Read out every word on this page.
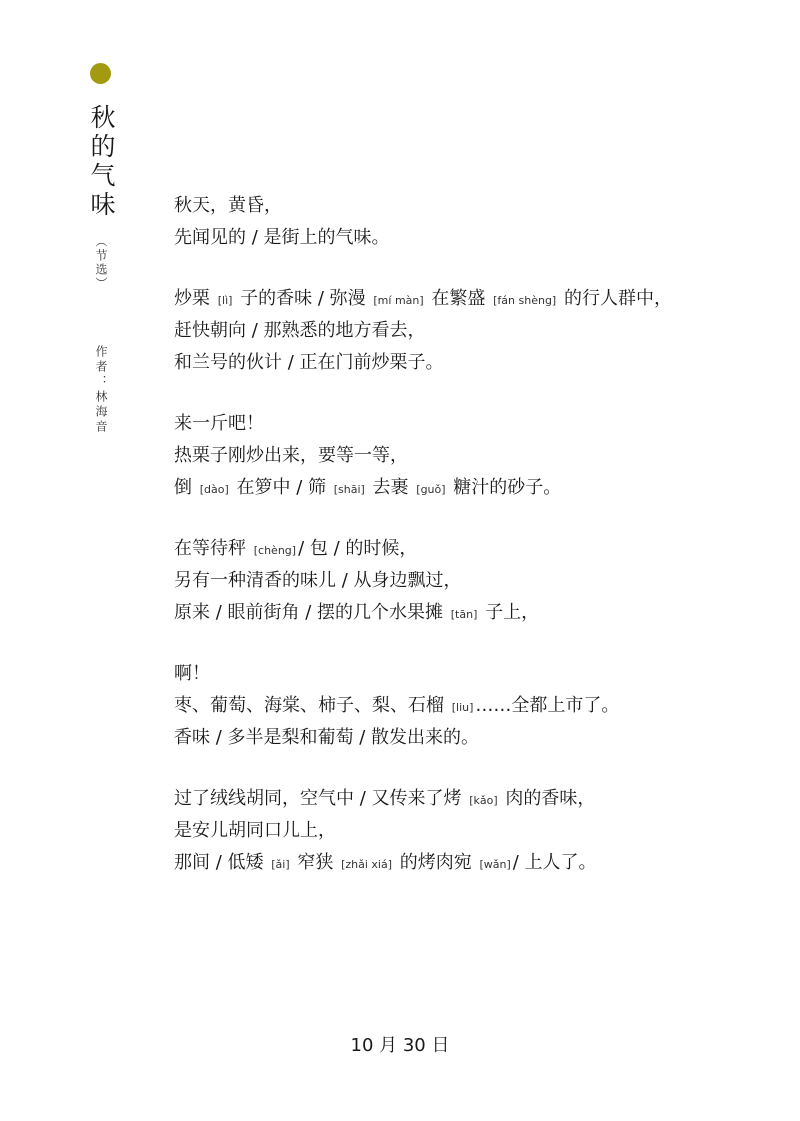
秋的气味
（节选）
作者：林海音
秋天，黄昏，
先闻见的 / 是街上的气味。
炒栗 [lì] 子的香味 / 弥漫 [mí màn] 在繁盛 [fán shèng] 的行人群中，
赶快朝向 / 那熟悉的地方看去，
和兰号的伙计 / 正在门前炒栗子。
来一斤吧！
热栗子刚炒出来，要等一等，
倒 [dào] 在箩中 / 筛 [shāi] 去裹 [guǒ] 糖汁的砂子。
在等待秤 [chèng] / 包 / 的时候，
另有一种清香的味儿 / 从身边飘过，
原来 / 眼前街角 / 摆的几个水果摊 [tān] 子上，
啊！
枣、葡萄、海棠、柿子、梨、石榴 [liu] ……全都上市了。
香味 / 多半是梨和葡萄 / 散发出来的。
过了绒线胡同，空气中 / 又传来了烤 [kǎo] 肉的香味，
是安儿胡同口儿上，
那间 / 低矮 [ǎi] 窄狭 [zhǎi xiá] 的烤肉宛 [wǎn] / 上人了。
10 月 30 日
